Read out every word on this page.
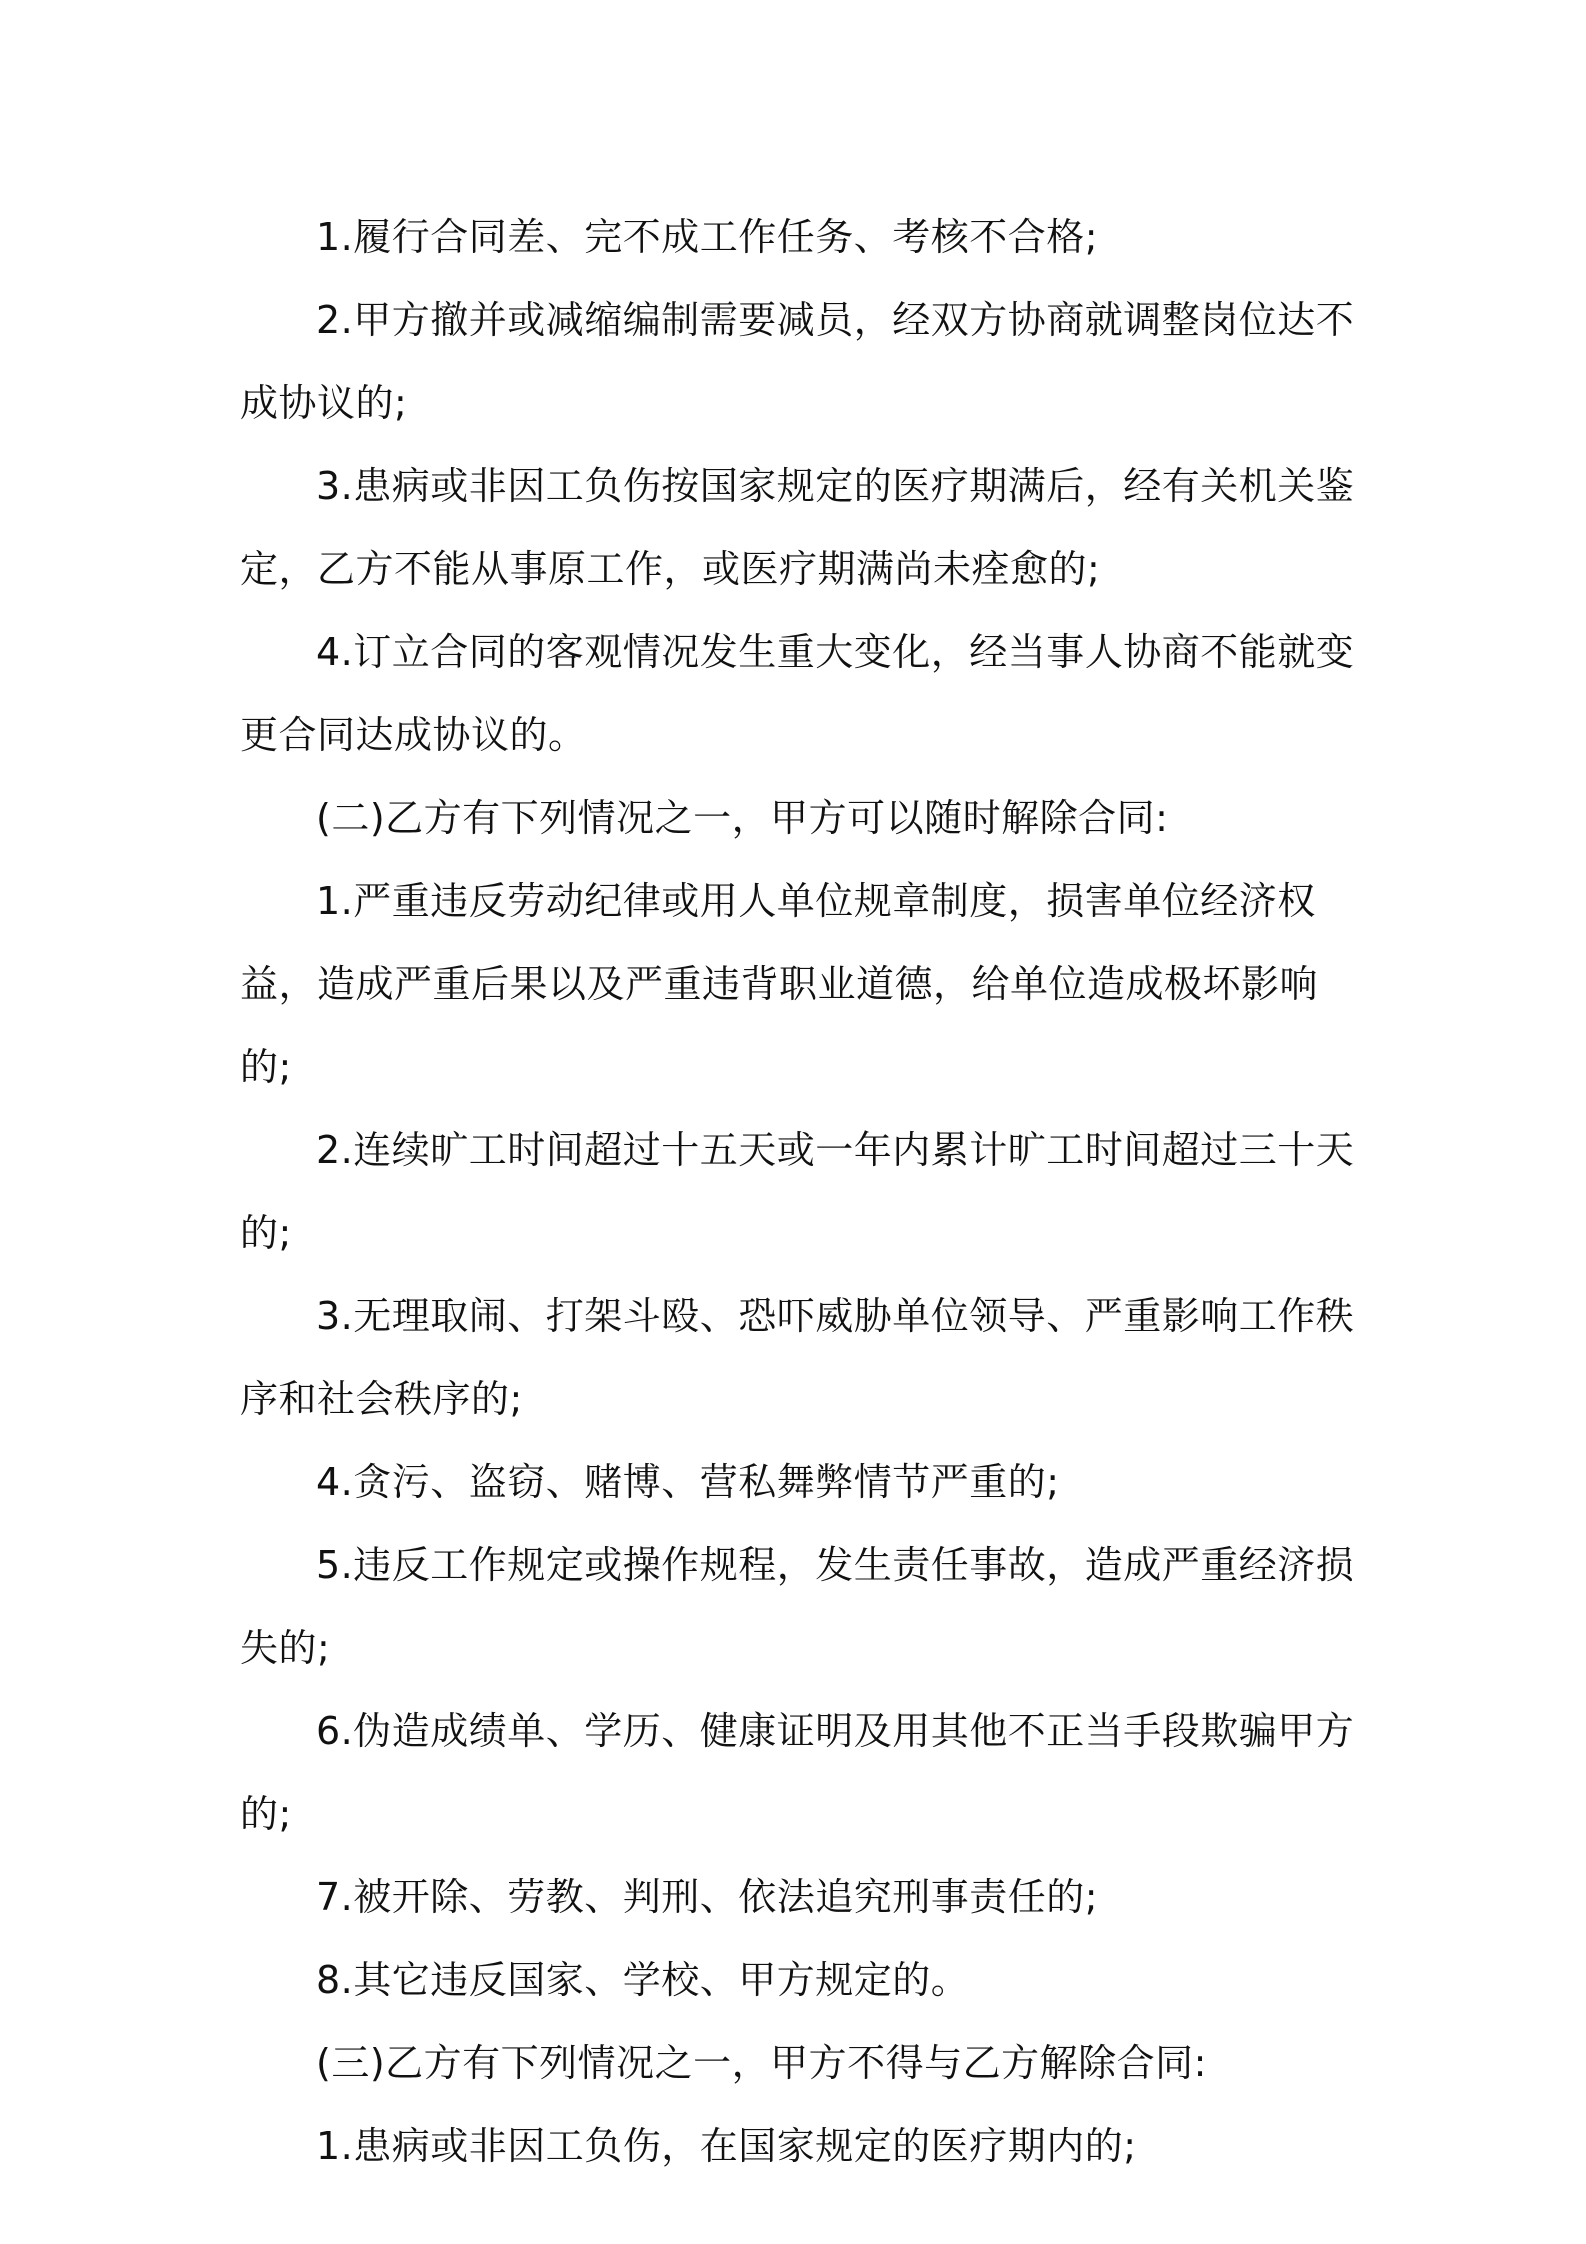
1.履行合同差、完不成工作任务、考核不合格;

2.甲方撤并或减缩编制需要减员，经双方协商就调整岗位达不成协议的;

3.患病或非因工负伤按国家规定的医疗期满后，经有关机关鉴定，乙方不能从事原工作，或医疗期满尚未痊愈的;

4.订立合同的客观情况发生重大变化，经当事人协商不能就变更合同达成协议的。

(二)乙方有下列情况之一，甲方可以随时解除合同:

1.严重违反劳动纪律或用人单位规章制度，损害单位经济权益，造成严重后果以及严重违背职业道德，给单位造成极坏影响的;

2.连续旷工时间超过十五天或一年内累计旷工时间超过三十天的;

3.无理取闹、打架斗殴、恐吓威胁单位领导、严重影响工作秩序和社会秩序的;

4.贪污、盗窃、赌博、营私舞弊情节严重的;

5.违反工作规定或操作规程，发生责任事故，造成严重经济损失的;

6.伪造成绩单、学历、健康证明及用其他不正当手段欺骗甲方的;

7.被开除、劳教、判刑、依法追究刑事责任的;

8.其它违反国家、学校、甲方规定的。

(三)乙方有下列情况之一，甲方不得与乙方解除合同:

1.患病或非因工负伤，在国家规定的医疗期内的;
